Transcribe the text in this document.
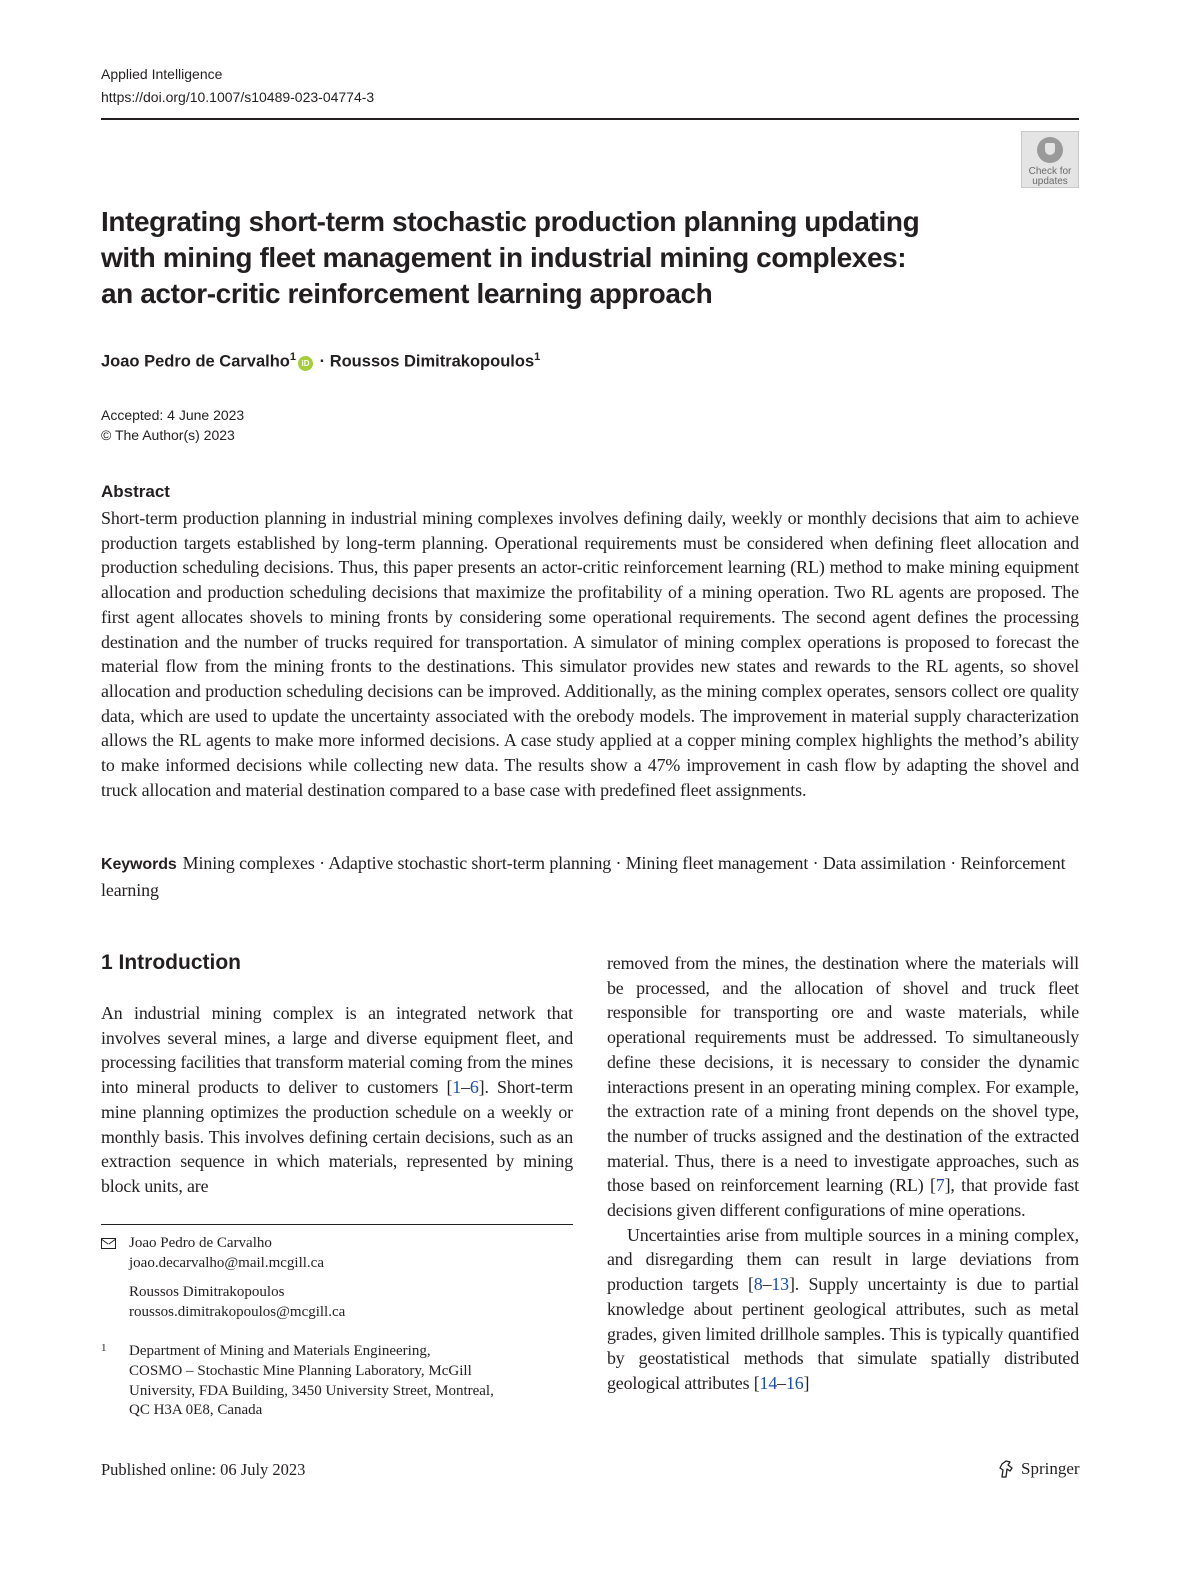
Applied Intelligence
https://doi.org/10.1007/s10489-023-04774-3
Check for updates
Integrating short-term stochastic production planning updating
with mining fleet management in industrial mining complexes:
an actor-critic reinforcement learning approach
Joao Pedro de Carvalho$^1$ iD · Roussos Dimitrakopoulos$^1$
Accepted: 4 June 2023
© The Author(s) 2023
Abstract

Short-term production planning in industrial mining complexes involves defining daily, weekly or monthly decisions that aim to achieve production targets established by long-term planning. Operational requirements must be considered when defining fleet allocation and production scheduling decisions. Thus, this paper presents an actor-critic reinforcement learning (RL) method to make mining equipment allocation and production scheduling decisions that maximize the profitability of a mining operation. Two RL agents are proposed. The first agent allocates shovels to mining fronts by considering some operational requirements. The second agent defines the processing destination and the number of trucks required for transportation. A simulator of mining complex operations is proposed to forecast the material flow from the mining fronts to the destinations. This simulator provides new states and rewards to the RL agents, so shovel allocation and production scheduling decisions can be improved. Additionally, as the mining complex operates, sensors collect ore quality data, which are used to update the uncertainty associated with the orebody models. The improvement in material supply characterization allows the RL agents to make more informed decisions. A case study applied at a copper mining complex highlights the method’s ability to make informed decisions while collecting new data. The results show a 47% improvement in cash flow by adapting the shovel and truck allocation and material destination compared to a base case with predefined fleet assignments.

Keywords Mining complexes · Adaptive stochastic short-term planning · Mining fleet management · Data assimilation · Reinforcement learning
1 Introduction

An industrial mining complex is an integrated network that involves several mines, a large and diverse equipment fleet, and processing facilities that transform material coming from the mines into mineral products to deliver to customers [1–6]. Short-term mine planning optimizes the production schedule on a weekly or monthly basis. This involves defining certain decisions, such as an extraction sequence in which materials, represented by mining block units, are

removed from the mines, the destination where the materials will be processed, and the allocation of shovel and truck fleet responsible for transporting ore and waste materials, while operational requirements must be addressed. To simultaneously define these decisions, it is necessary to consider the dynamic interactions present in an operating mining complex. For example, the extraction rate of a mining front depends on the shovel type, the number of trucks assigned and the destination of the extracted material. Thus, there is a need to investigate approaches, such as those based on reinforcement learning (RL) [7], that provide fast decisions given different configurations of mine operations.

Uncertainties arise from multiple sources in a mining complex, and disregarding them can result in large deviations from production targets [8–13]. Supply uncertainty is due to partial knowledge about pertinent geological attributes, such as metal grades, given limited drillhole samples. This is typically quantified by geostatistical methods that simulate spatially distributed geological attributes [14–16]

Joao Pedro de Carvalho
joao.decarvalho@mail.mcgill.ca
Roussos Dimitrakopoulos
roussos.dimitrakopoulos@mcgill.ca
1 Department of Mining and Materials Engineering,
COSMO – Stochastic Mine Planning Laboratory, McGill
University, FDA Building, 3450 University Street, Montreal,
QC H3A 0E8, Canada
Published online: 06 July 2023	Springer
